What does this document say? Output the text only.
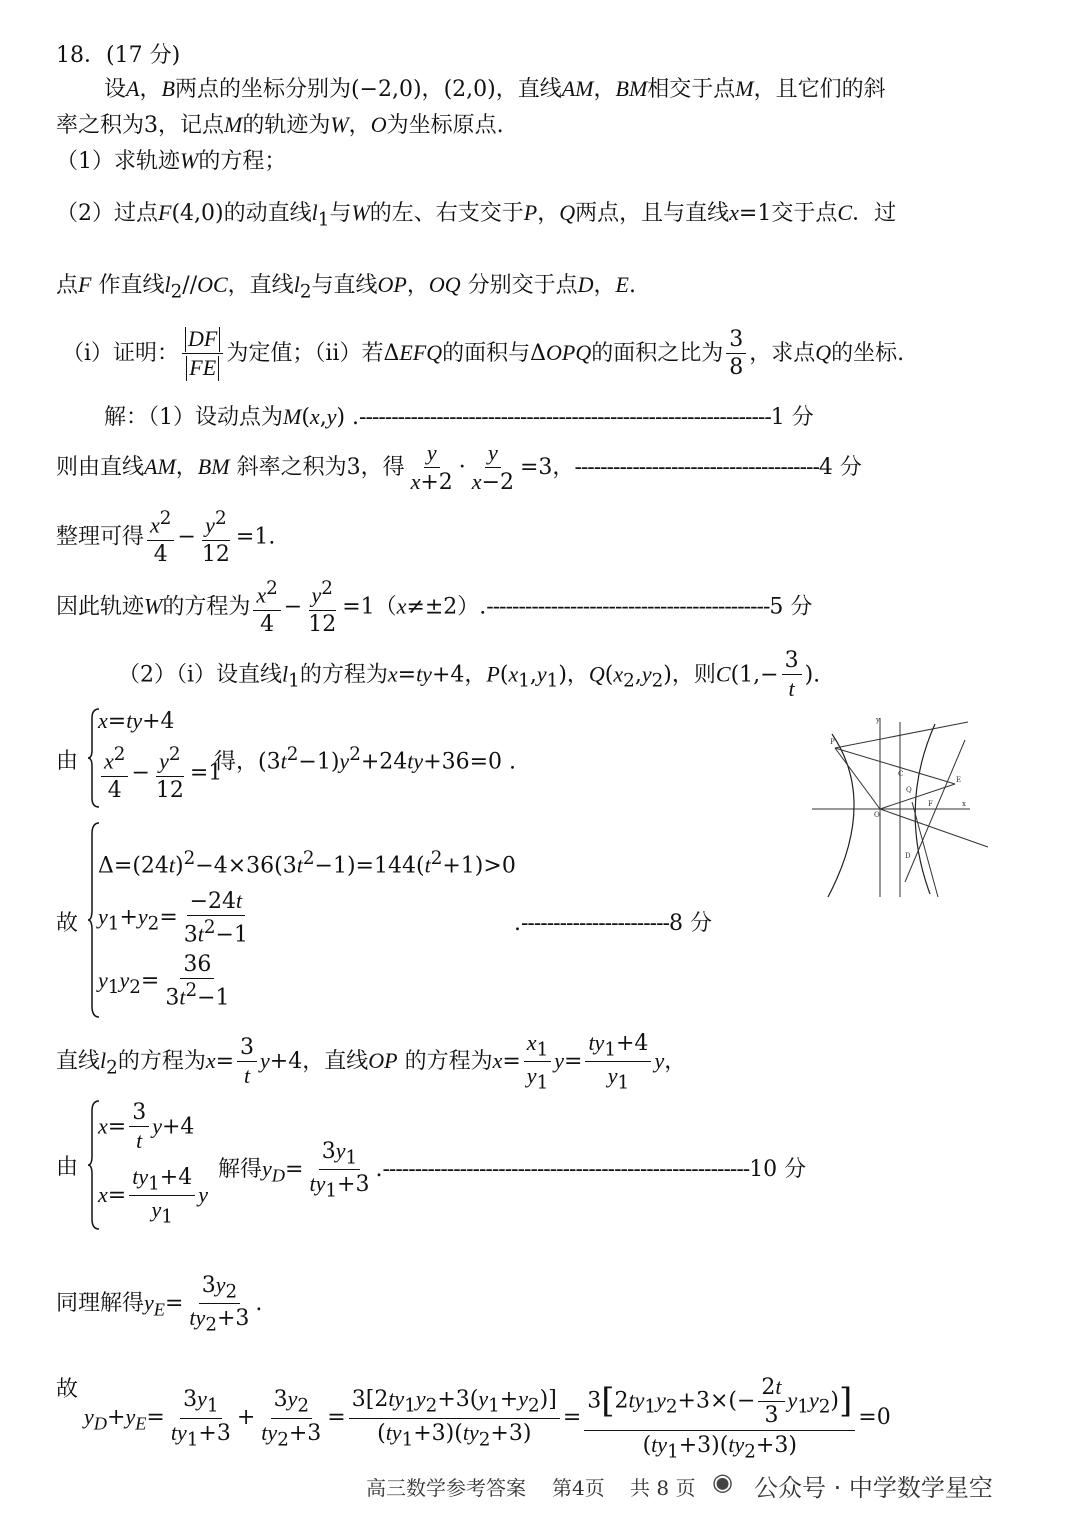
18．(17 分)
设A，B两点的坐标分别为(−2,0)，(2,0)，直线AM，BM相交于点M，且它们的斜
率之积为3，记点M的轨迹为W，O为坐标原点.
（1）求轨迹W的方程；
（2）过点F(4,0)的动直线$l_1$与W的左、右支交于P，Q两点，且与直线x=1交于点C．过
点F 作直线$l_2//OC$，直线$l_2$与直线OP，OQ 分别交于点D，E.
（i）证明： $\frac{DF}{FE}$ 为定值；（ii）若ΔEFQ的面积与ΔOPQ的面积之比为 $\frac{3}{8}$ ，求点Q的坐标.
解：（1）设动点为M(x,y) .----------------------------------------------------------------1 分
则由直线AM，BM 斜率之积为3，得 $\frac{y}{x+2} \cdot \frac{y}{x-2} =3$，--------------------------------------4 分
整理可得 $\frac{x^2}{4} - \frac{y^2}{12} =1$.
因此轨迹W的方程为 $\frac{x^2}{4} - \frac{y^2}{12} =1(x\ne\pm 2).--------------------------------------------5$ 分
（2）（i）设直线$l_1$的方程为x=ty+4，$P(x_1,y_1)$，$Q(x_2,y_2)$，则$C(1,- \frac{3}{t}$ ).
由
x=ty+4
$\frac{x^2}{4} - \frac{y^2}{12} =1$
得，$(3t^2-1)y^2+24ty+36=0$ .
P
C
Q
E
O
F
D
x
y
故
$\Delta=(24t)^2-4\times 36(3t^2-1)=144(t^2+1)>0$
$y_1+y_2= \frac{-24t}{3t^2-1}$
$y_1y_2= \frac{36}{3t^2-1}$
.-----------------------8 分
直线$l_2$的方程为$x= \frac{3}{t} y+4$，直线OP 的方程为$x= \frac{x_1}{y_1} y= \frac{ty_1+4}{y_1}$ y，
由
$x= \frac{3}{t} y+4$
$x= \frac{ty_1+4}{y_1}$ y
解得$y_D= \frac{3y_1}{ty_1+3} .---------------------------------------------------------10$ 分
同理解得$y_E= \frac{3y_2}{ty_2+3}$ .
故
$y_D+y_E= \frac{3y_1}{ty_1+3} + \frac{3y_2}{ty_2+3} = \frac{3[2ty_1y_2+3(y_1+y_2)]}{(ty_1+3)(ty_2+3)} = \frac{3[2ty_1y_2+3\times(- \frac{2t}{3} y_1y_2)]}{(ty_1+3)(ty_2+3)} =0$
高三数学参考答案 第4页 共 8 页 ◉ 公众号 · 中学数学星空
